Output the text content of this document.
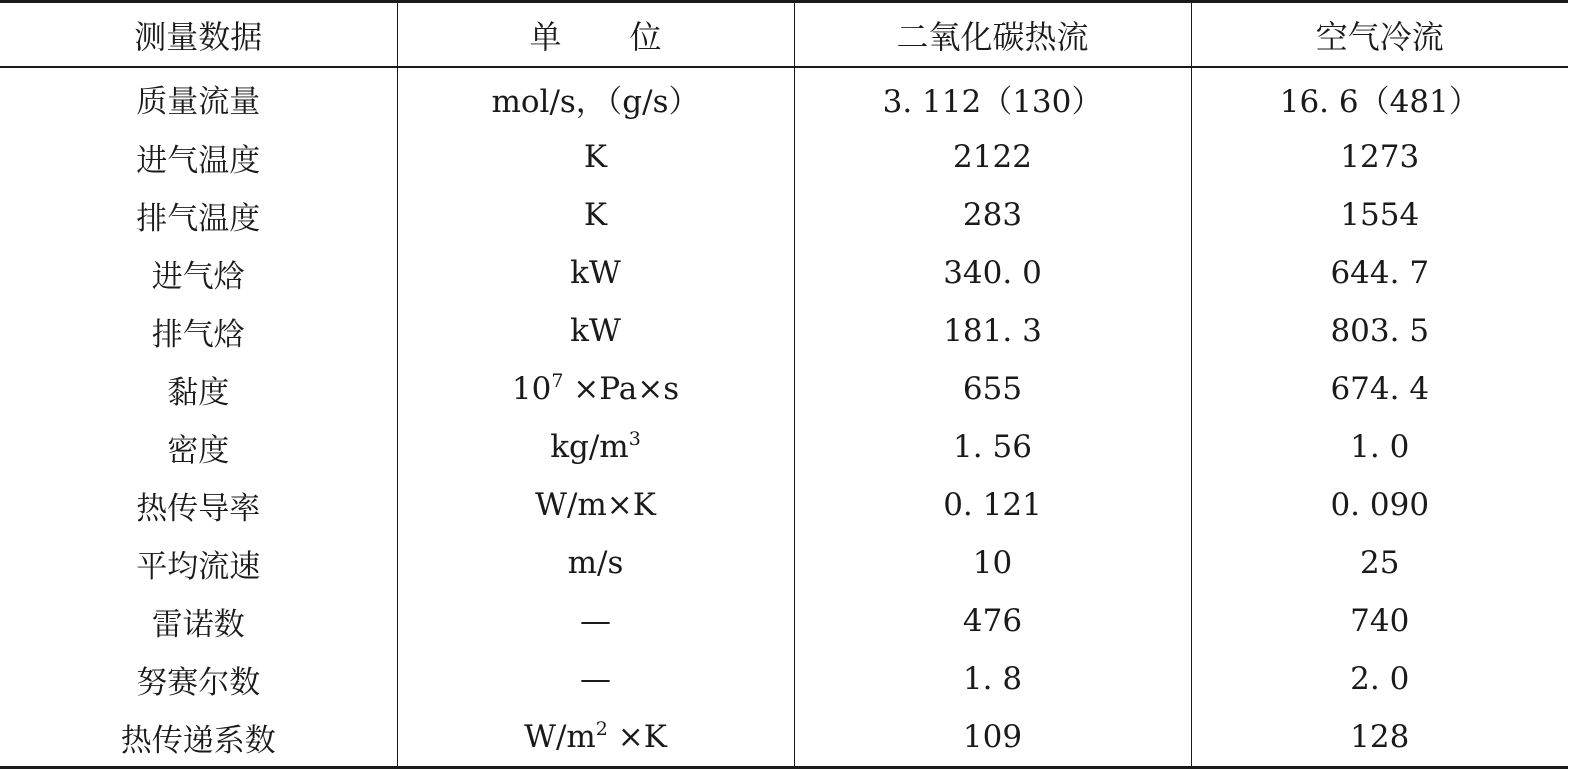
测量数据	单 位	二氧化碳热流	空气冷流
质量流量	mol/s，（g/s）	3. 112（130）	16. 6（481）
进气温度	K	2122	1273
排气温度	K	283	1554
进气焓	kW	340. 0	644. 7
排气焓	kW	181. 3	803. 5
黏度	$10^7 \times Pa\times s$	655	674. 4
密度	$kg/m^3$	1. 56	1. 0
热传导率	W/m×K	0. 121	0. 090
平均流速	m/s	10	25
雷诺数	—	476	740
努赛尔数	—	1. 8	2. 0
热传递系数	$W/m^2 \times K$	109	128
